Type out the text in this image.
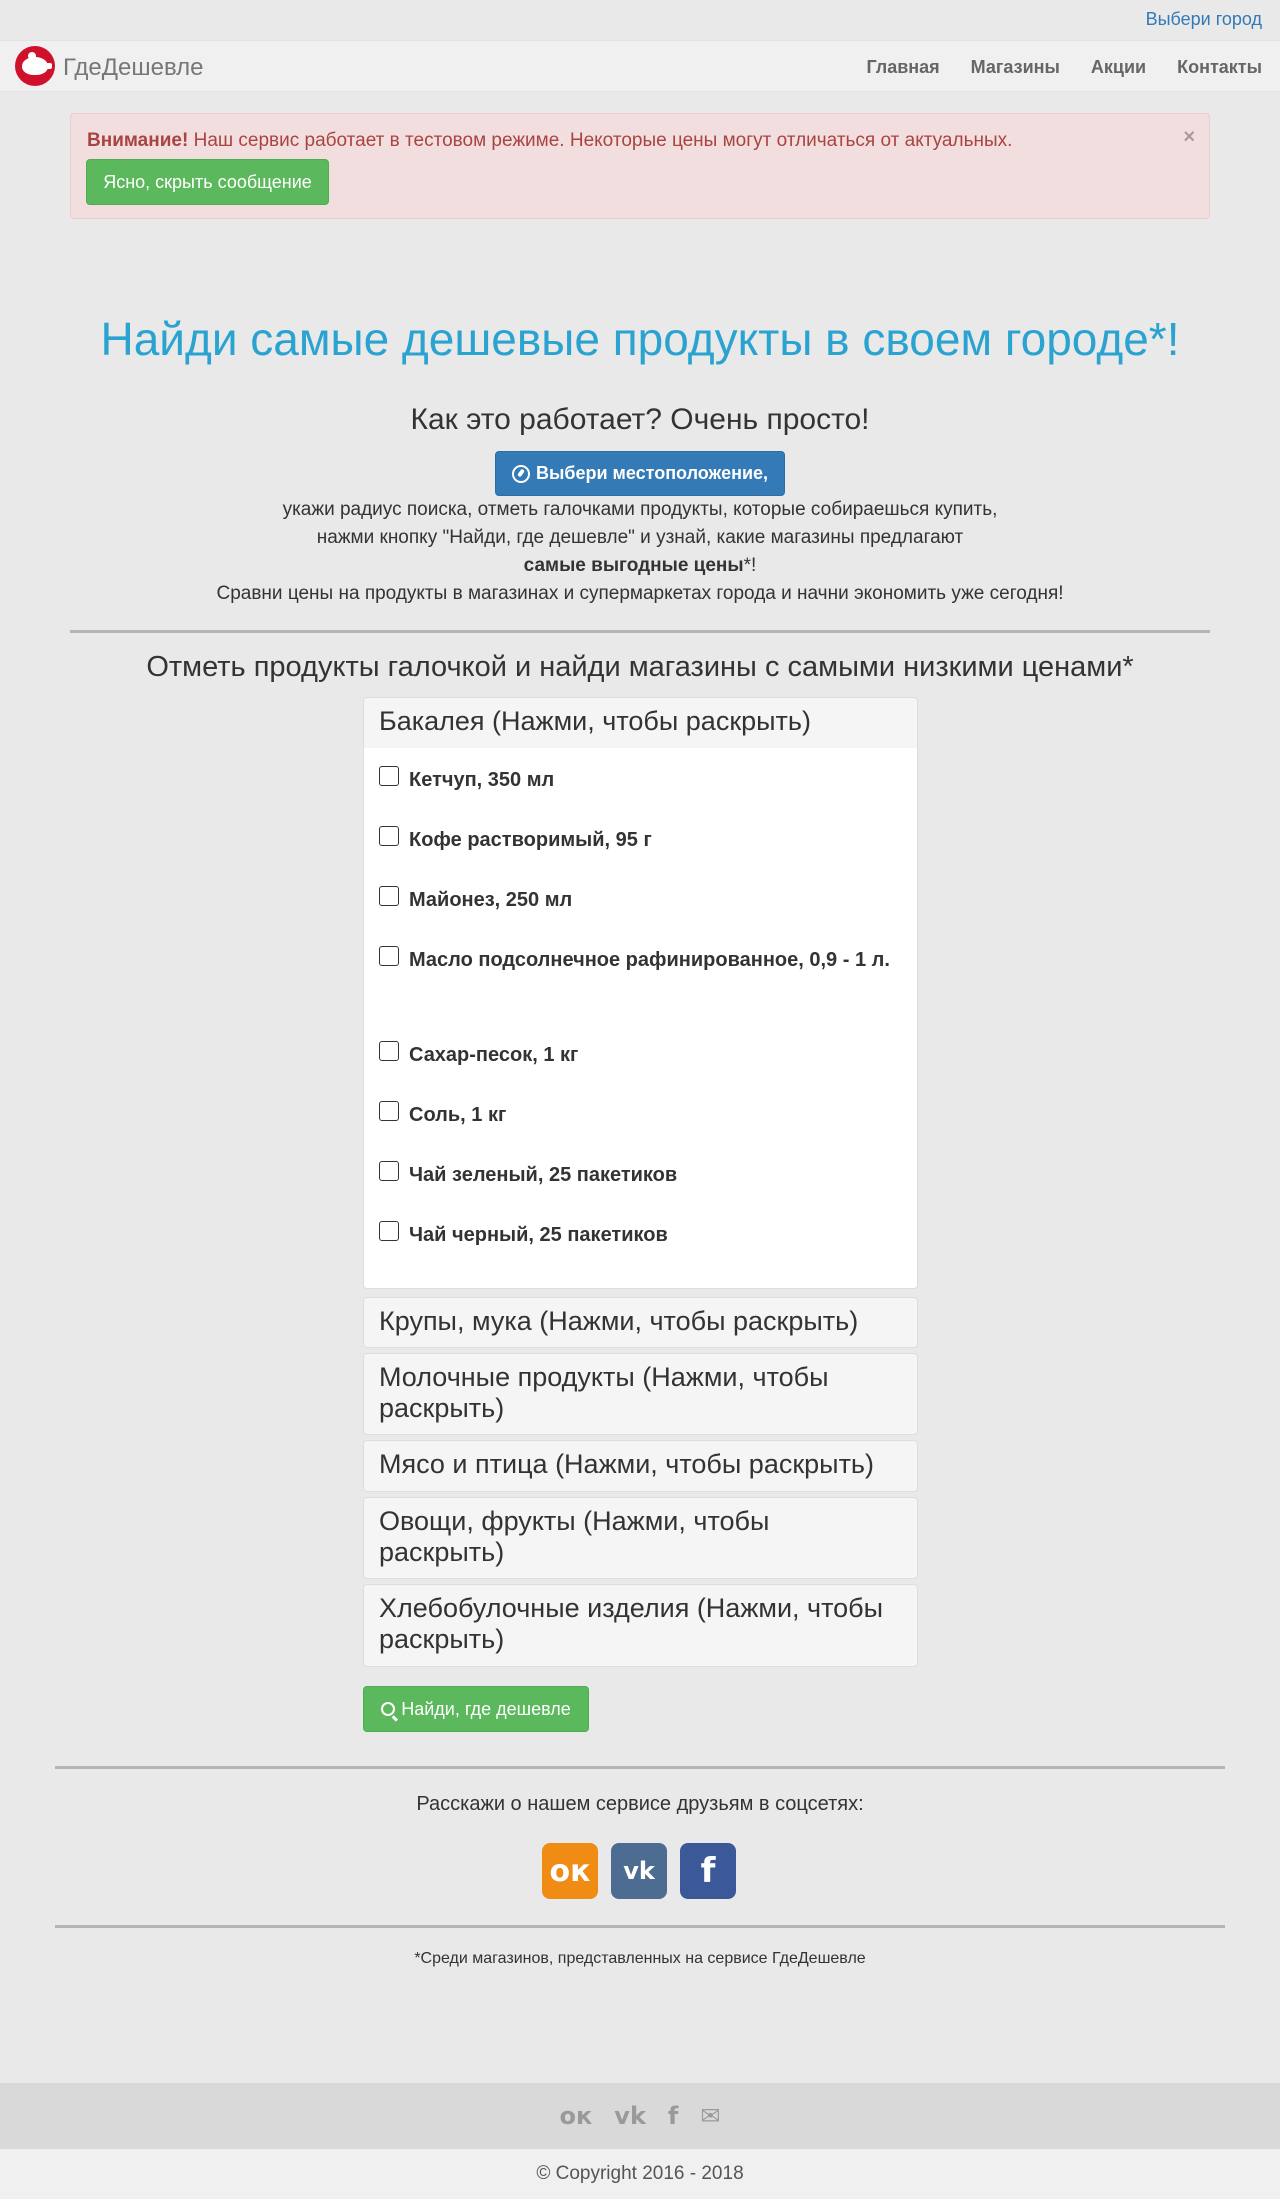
Выбери город
ГдеДешевле	Главная Магазины Акции Контакты
Внимание! Наш сервис работает в тестовом режиме. Некоторые цены могут отличаться от актуальных.	×
Ясно, скрыть сообщение
Найди самые дешевые продукты в своем городе*!
Как это работает? Очень просто!
Выбери местоположение,
укажи радиус поиска, отметь галочками продукты, которые собираешься купить,
нажми кнопку "Найди, где дешевле" и узнай, какие магазины предлагают
самые выгодные цены*!
Сравни цены на продукты в магазинах и супермаркетах города и начни экономить уже сегодня!
Отметь продукты галочкой и найди магазины с самыми низкими ценами*
Бакалея (Нажми, чтобы раскрыть)
Кетчуп, 350 мл
Кофе растворимый, 95 г
Майонез, 250 мл
Масло подсолнечное рафинированное, 0,9 - 1 л.
Сахар-песок, 1 кг
Соль, 1 кг
Чай зеленый, 25 пакетиков
Чай черный, 25 пакетиков
Крупы, мука (Нажми, чтобы раскрыть)
Молочные продукты (Нажми, чтобы раскрыть)
Мясо и птица (Нажми, чтобы раскрыть)
Овощи, фрукты (Нажми, чтобы раскрыть)
Хлебобулочные изделия (Нажми, чтобы раскрыть)
Найди, где дешевле
Расскажи о нашем сервисе друзьям в соцсетях:
ок	vk	f
*Среди магазинов, представленных на сервисе ГдеДешевле
ок vk f ✉
© Copyright 2016 - 2018
